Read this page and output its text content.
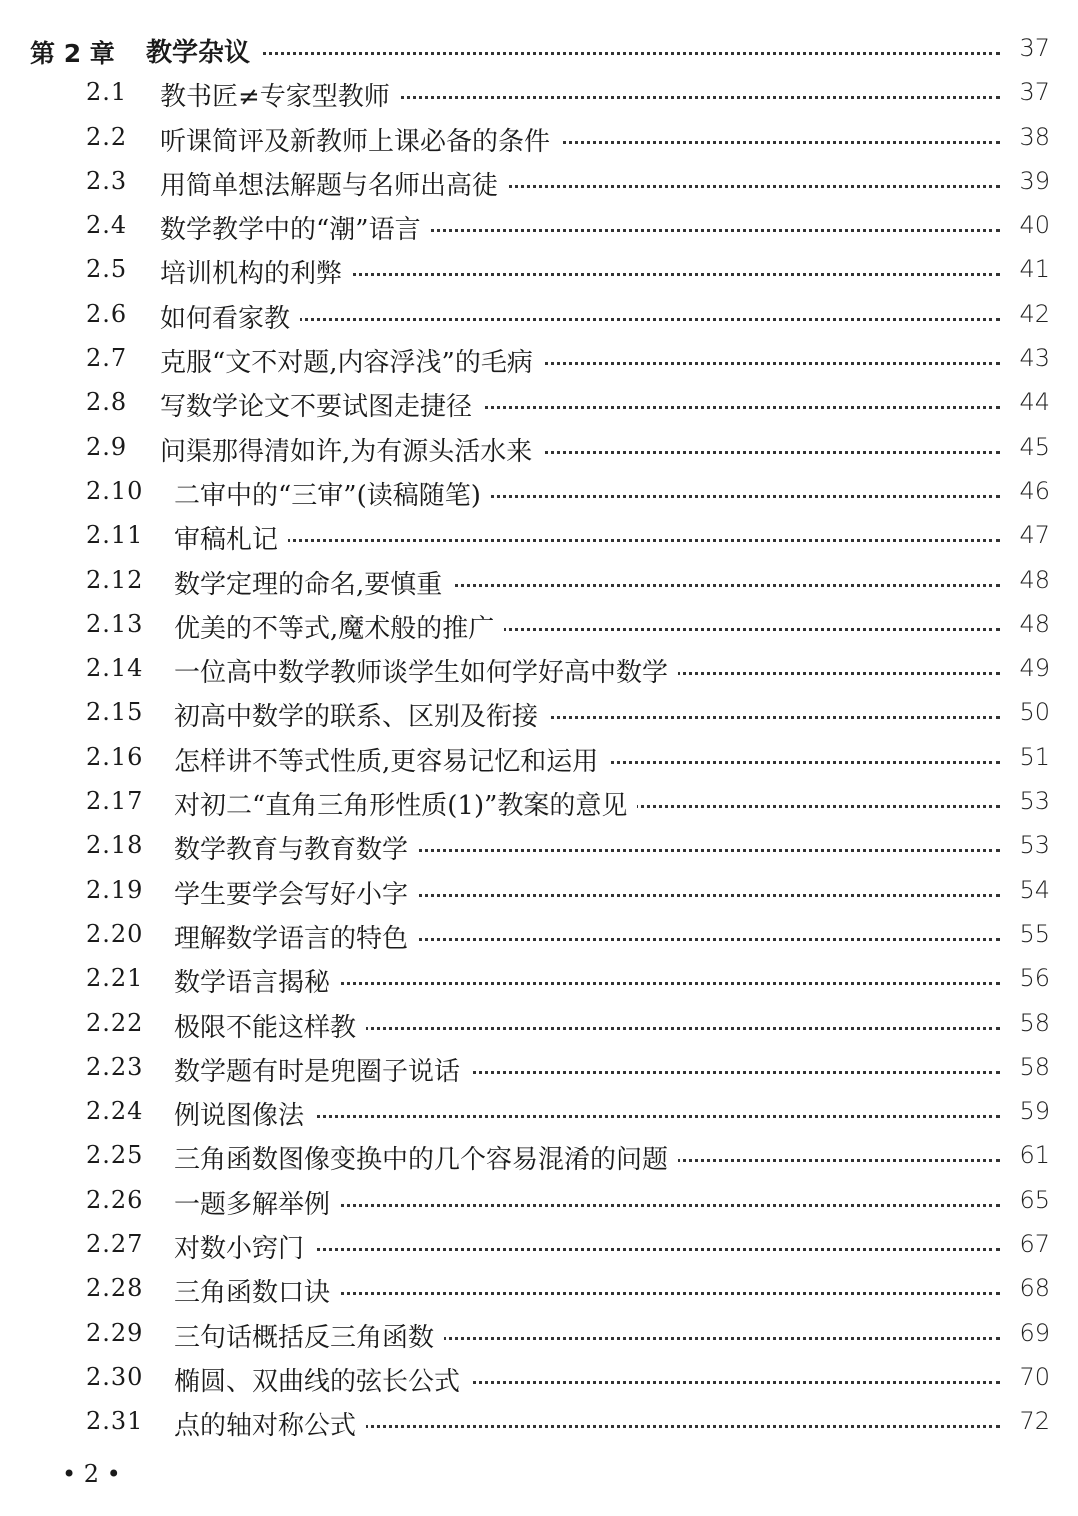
第 2 章 教学杂议	37
2.1 教书匠≠专家型教师	37
2.2 听课简评及新教师上课必备的条件	38
2.3 用简单想法解题与名师出高徒	39
2.4 数学教学中的“潮”语言	40
2.5 培训机构的利弊	41
2.6 如何看家教	42
2.7 克服“文不对题,内容浮浅”的毛病	43
2.8 写数学论文不要试图走捷径	44
2.9 问渠那得清如许,为有源头活水来	45
2.10 二审中的“三审”(读稿随笔)	46
2.11 审稿札记	47
2.12 数学定理的命名,要慎重	48
2.13 优美的不等式,魔术般的推广	48
2.14 一位高中数学教师谈学生如何学好高中数学	49
2.15 初高中数学的联系、区别及衔接	50
2.16 怎样讲不等式性质,更容易记忆和运用	51
2.17 对初二“直角三角形性质(1)”教案的意见	53
2.18 数学教育与教育数学	53
2.19 学生要学会写好小字	54
2.20 理解数学语言的特色	55
2.21 数学语言揭秘	56
2.22 极限不能这样教	58
2.23 数学题有时是兜圈子说话	58
2.24 例说图像法	59
2.25 三角函数图像变换中的几个容易混淆的问题	61
2.26 一题多解举例	65
2.27 对数小窍门	67
2.28 三角函数口诀	68
2.29 三句话概括反三角函数	69
2.30 椭圆、双曲线的弦长公式	70
2.31 点的轴对称公式	72
• 2 •
